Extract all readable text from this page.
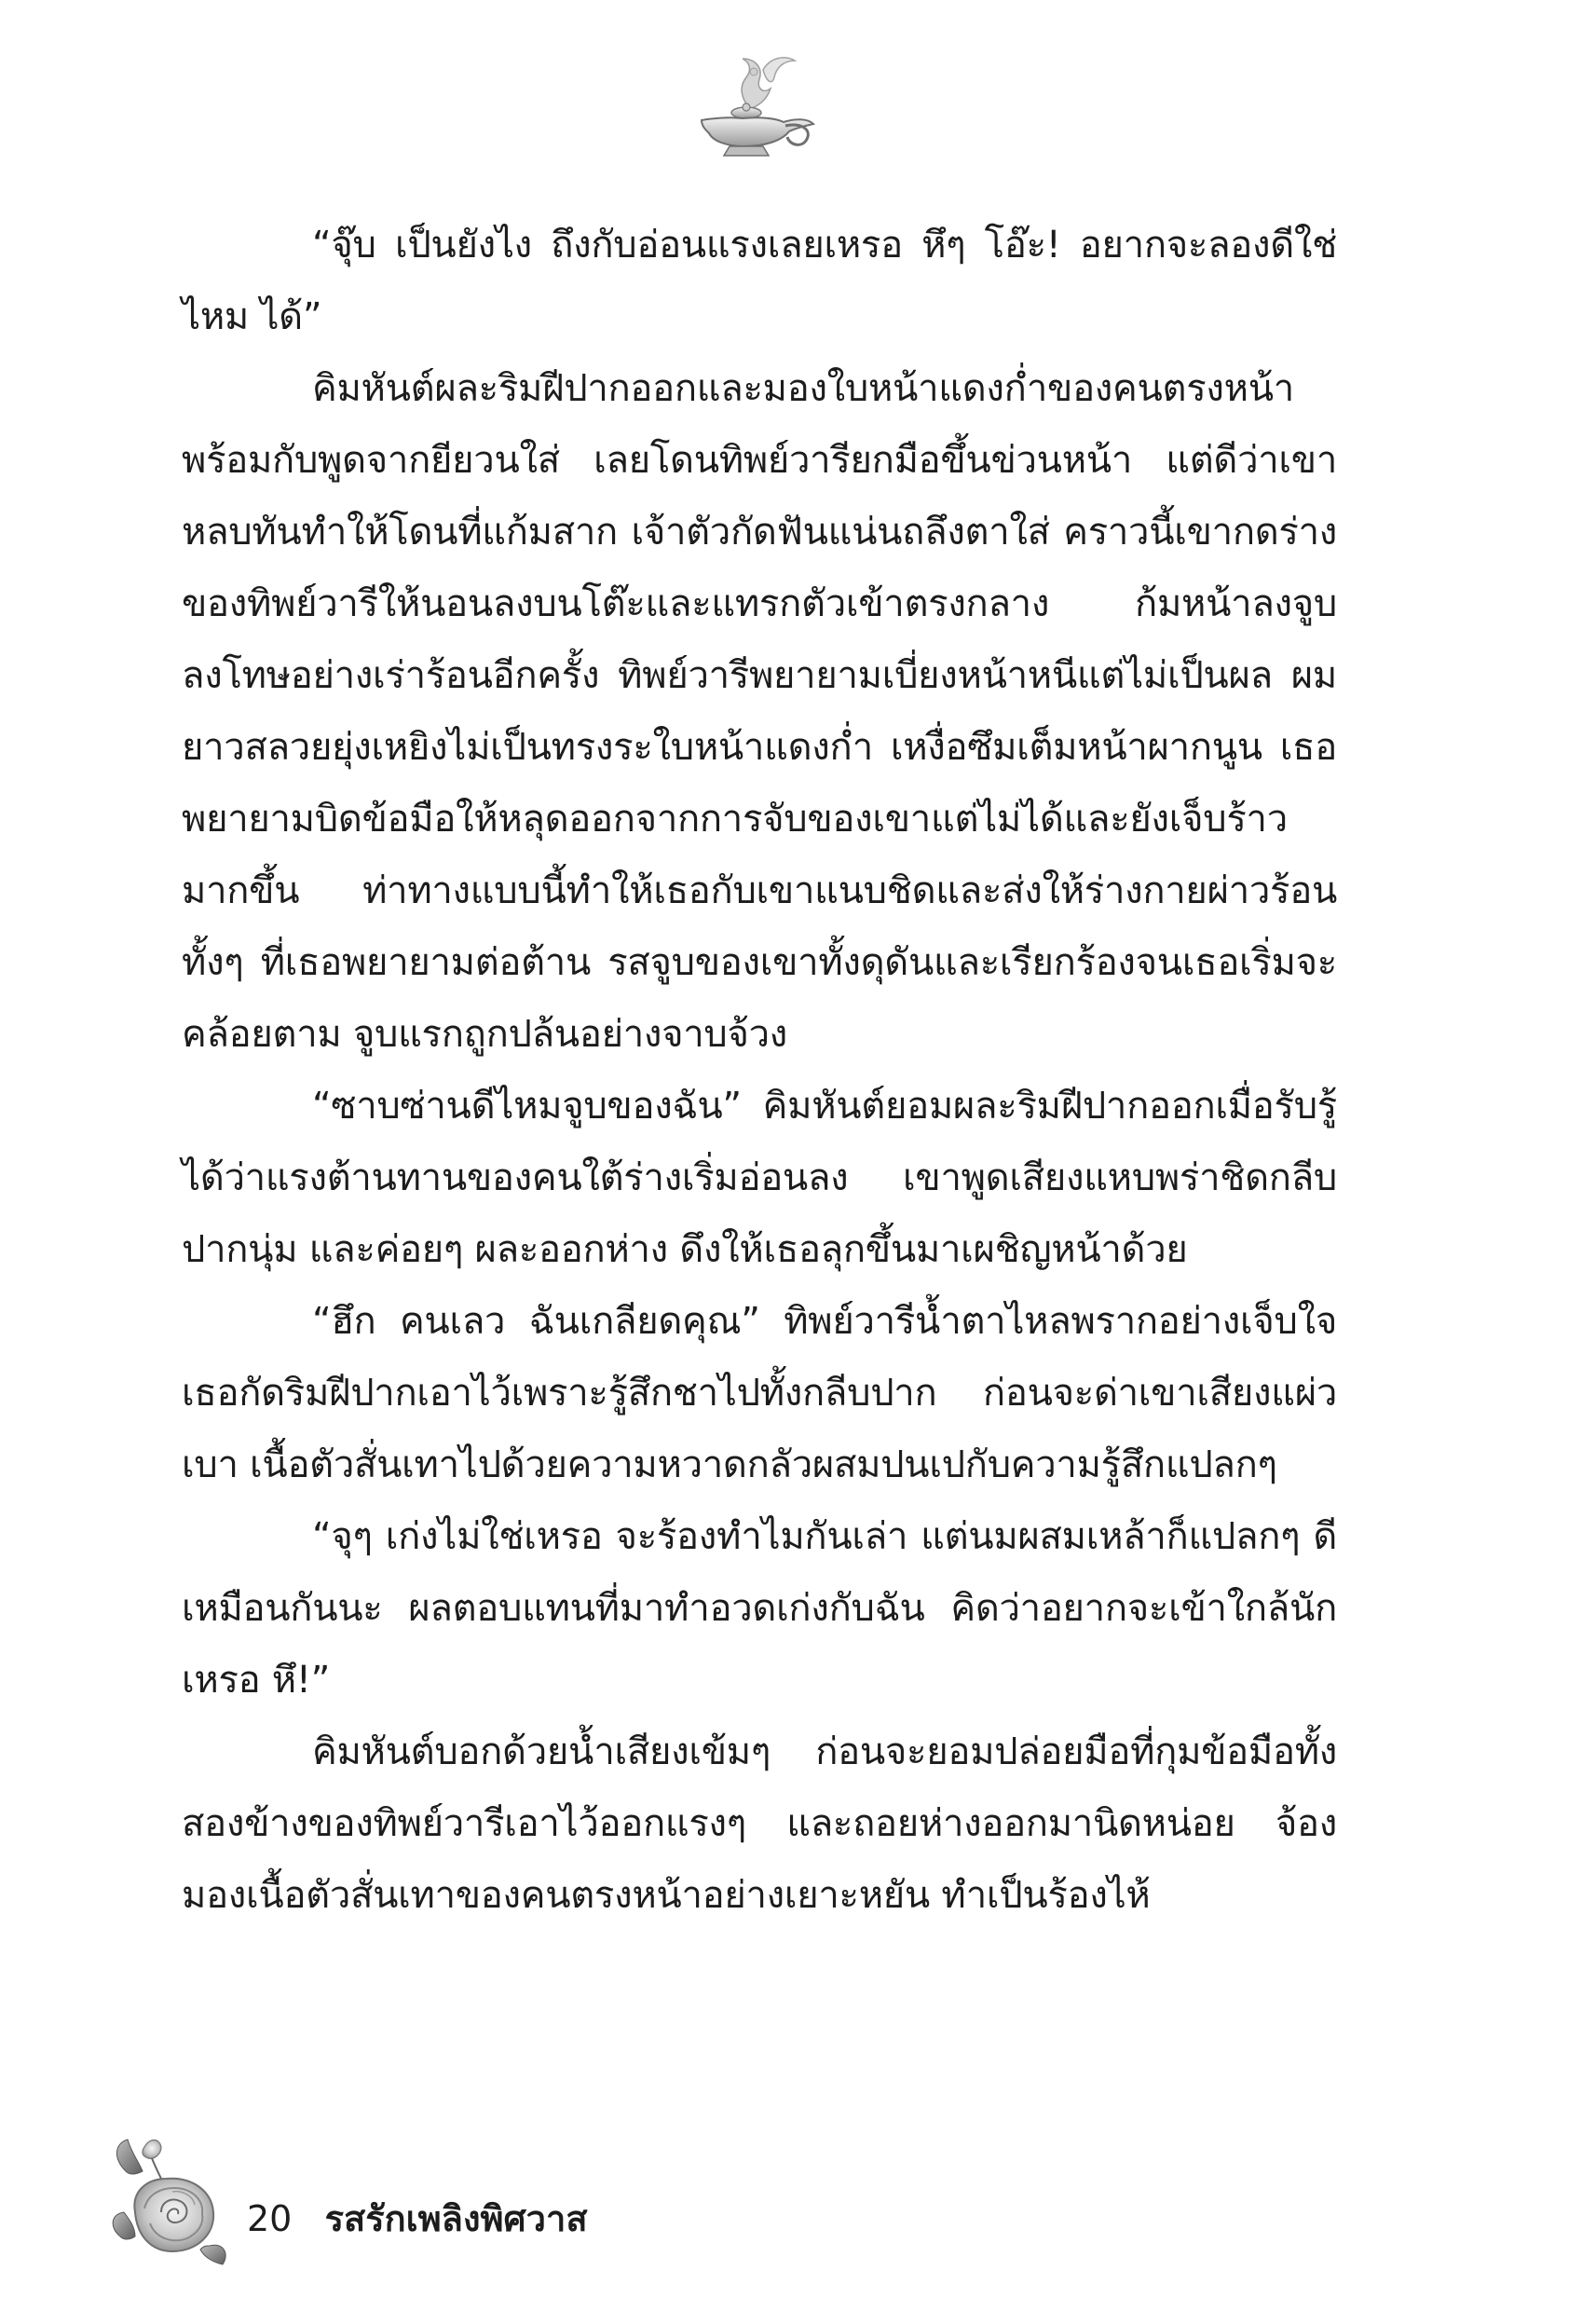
“จุ๊บ เป็นยังไง ถึงกับอ่อนแรงเลยเหรอ หึๆ โอ๊ะ! อยากจะลองดีใช่ไหม ได้”

คิมหันต์ผละริมฝีปากออกและมองใบหน้าแดงก่ำของคนตรงหน้าพร้อมกับพูดจากยียวนใส่ เลยโดนทิพย์วารียกมือขึ้นข่วนหน้า แต่ดีว่าเขาหลบทันทำให้โดนที่แก้มสาก เจ้าตัวกัดฟันแน่นถลึงตาใส่ คราวนี้เขากดร่างของทิพย์วารีให้นอนลงบนโต๊ะและแทรกตัวเข้าตรงกลาง ก้มหน้าลงจูบลงโทษอย่างเร่าร้อนอีกครั้ง ทิพย์วารีพยายามเบี่ยงหน้าหนีแต่ไม่เป็นผล ผมยาวสลวยยุ่งเหยิงไม่เป็นทรงระใบหน้าแดงก่ำ เหงื่อซึมเต็มหน้าผากนูน เธอพยายามบิดข้อมือให้หลุดออกจากการจับของเขาแต่ไม่ได้และยังเจ็บร้าวมากขึ้น ท่าทางแบบนี้ทำให้เธอกับเขาแนบชิดและส่งให้ร่างกายผ่าวร้อน ทั้งๆ ที่เธอพยายามต่อต้าน รสจูบของเขาทั้งดุดันและเรียกร้องจนเธอเริ่มจะคล้อยตาม จูบแรกถูกปล้นอย่างจาบจ้วง

“ซาบซ่านดีไหมจูบของฉัน” คิมหันต์ยอมผละริมฝีปากออกเมื่อรับรู้ได้ว่าแรงต้านทานของคนใต้ร่างเริ่มอ่อนลง เขาพูดเสียงแหบพร่าชิดกลีบปากนุ่ม และค่อยๆ ผละออกห่าง ดึงให้เธอลุกขึ้นมาเผชิญหน้าด้วย

“ฮึก คนเลว ฉันเกลียดคุณ” ทิพย์วารีน้ำตาไหลพรากอย่างเจ็บใจ เธอกัดริมฝีปากเอาไว้เพราะรู้สึกชาไปทั้งกลีบปาก ก่อนจะด่าเขาเสียงแผ่วเบา เนื้อตัวสั่นเทาไปด้วยความหวาดกลัวผสมปนเปกับความรู้สึกแปลกๆ

“จุๆ เก่งไม่ใช่เหรอ จะร้องทำไมกันเล่า แต่นมผสมเหล้าก็แปลกๆ ดีเหมือนกันนะ ผลตอบแทนที่มาทำอวดเก่งกับฉัน คิดว่าอยากจะเข้าใกล้นักเหรอ หึ!”

คิมหันต์บอกด้วยน้ำเสียงเข้มๆ ก่อนจะยอมปล่อยมือที่กุมข้อมือทั้งสองข้างของทิพย์วารีเอาไว้ออกแรงๆ และถอยห่างออกมานิดหน่อย จ้องมองเนื้อตัวสั่นเทาของคนตรงหน้าอย่างเยาะหยัน ทำเป็นร้องไห้

20 รสรักเพลิงพิศวาส
